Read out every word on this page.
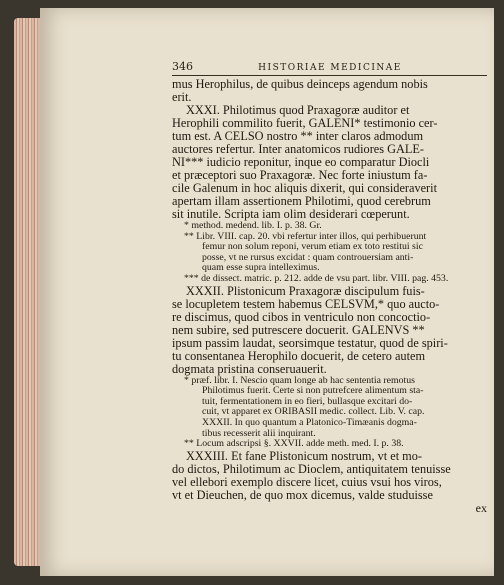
346	HISTORIAE MEDICINAE

mus Herophilus, de quibus deinceps agendum nobis

erit.

XXXI. Philotimus quod Praxagoræ auditor et

Herophili commilito fuerit, GALENI* testimonio cer-

tum est. A CELSO nostro ** inter claros admodum

auctores refertur. Inter anatomicos rudiores GALE-

NI*** iudicio reponitur, inque eo comparatur Diocli

et præceptori suo Praxagoræ. Nec forte iniustum fa-

cile Galenum in hoc aliquis dixerit, qui consideraverit

apertam illam assertionem Philotimi, quod cerebrum

sit inutile. Scripta iam olim desiderari cœperunt.

* method. medend. lib. I. p. 38. Gr.

** Libr. VIII. cap. 20. vbi refertur inter illos, qui perhibuerunt

femur non solum reponi, verum etiam ex toto restitui sic

posse, vt ne rursus excidat : quam controuersiam anti-

quam esse supra intelleximus.

*** de dissect. matric. p. 212. adde de vsu part. libr. VIII. pag. 453.

XXXII. Plistonicum Praxagoræ discipulum fuis-

se locupletem testem habemus CELSVM,* quo aucto-

re discimus, quod cibos in ventriculo non concoctio-

nem subire, sed putrescere docuerit. GALENVS **

ipsum passim laudat, seorsimque testatur, quod de spiri-

tu consentanea Herophilo docuerit, de cetero autem

dogmata pristina conseruauerit.

* præf. libr. I. Nescio quam longe ab hac sententia remotus

Philotimus fuerit. Certe si non putrefcere alimentum sta-

tuit, fermentationem in eo fieri, bullasque excitari do-

cuit, vt apparet ex ORIBASII medic. collect. Lib. V. cap.

XXXII. In quo quantum a Platonico-Timæanis dogma-

tibus recesserit alii inquirant.

** Locum adscripsi §. XXVII. adde meth. med. I. p. 38.

XXXIII. Et fane Plistonicum nostrum, vt et mo-

do dictos, Philotimum ac Dioclem, antiquitatem tenuisse

vel ellebori exemplo discere licet, cuius vsui hos viros,

vt et Dieuchen, de quo mox dicemus, valde studuisse

ex
